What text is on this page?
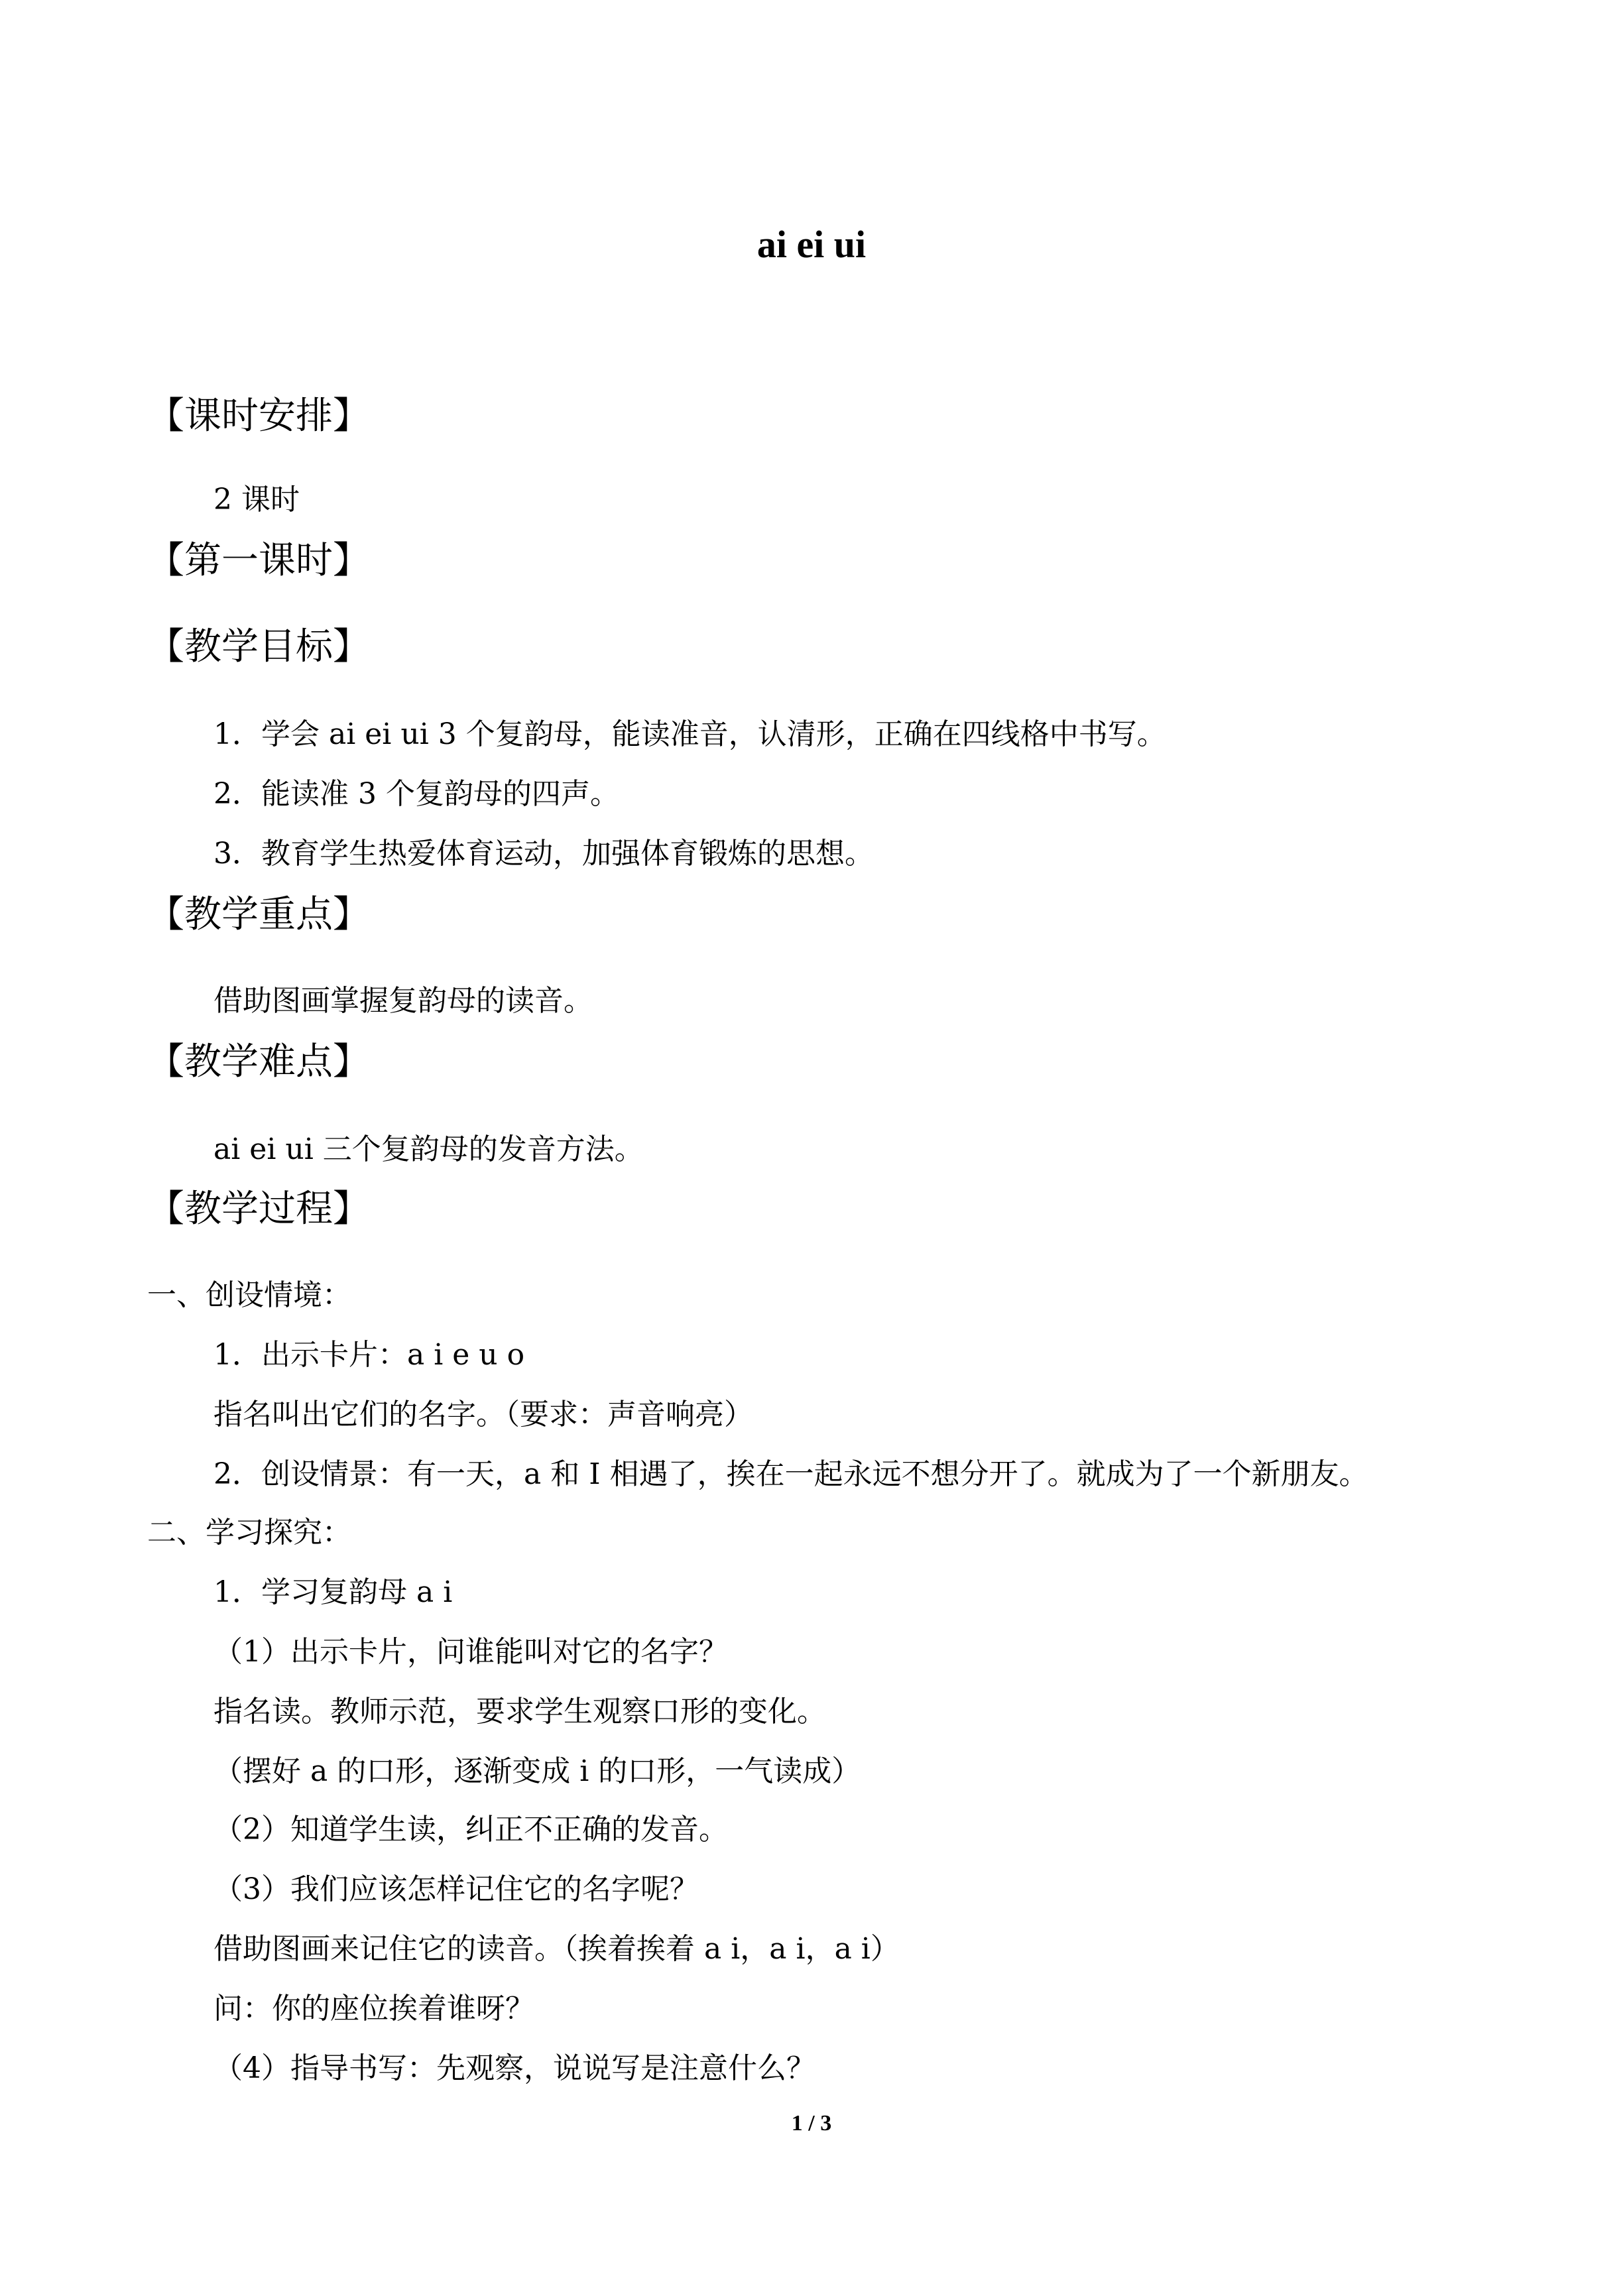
ai ei ui
【课时安排】
2 课时
【第一课时】
【教学目标】
1．学会 ai ei ui 3 个复韵母，能读准音，认清形，正确在四线格中书写。
2．能读准 3 个复韵母的四声。
3．教育学生热爱体育运动，加强体育锻炼的思想。
【教学重点】
借助图画掌握复韵母的读音。
【教学难点】
ai ei ui 三个复韵母的发音方法。
【教学过程】
一、创设情境：
1．出示卡片：a i e u o
指名叫出它们的名字。（要求：声音响亮）
2．创设情景：有一天，a 和 I 相遇了，挨在一起永远不想分开了。就成为了一个新朋友。
二、学习探究：
1．学习复韵母 a i
（1）出示卡片，问谁能叫对它的名字？
指名读。教师示范，要求学生观察口形的变化。
（摆好 a 的口形，逐渐变成 i 的口形，一气读成）
（2）知道学生读，纠正不正确的发音。
（3）我们应该怎样记住它的名字呢？
借助图画来记住它的读音。（挨着挨着 a i，a i，a i）
问：你的座位挨着谁呀？
（4）指导书写：先观察，说说写是注意什么？
1 / 3
